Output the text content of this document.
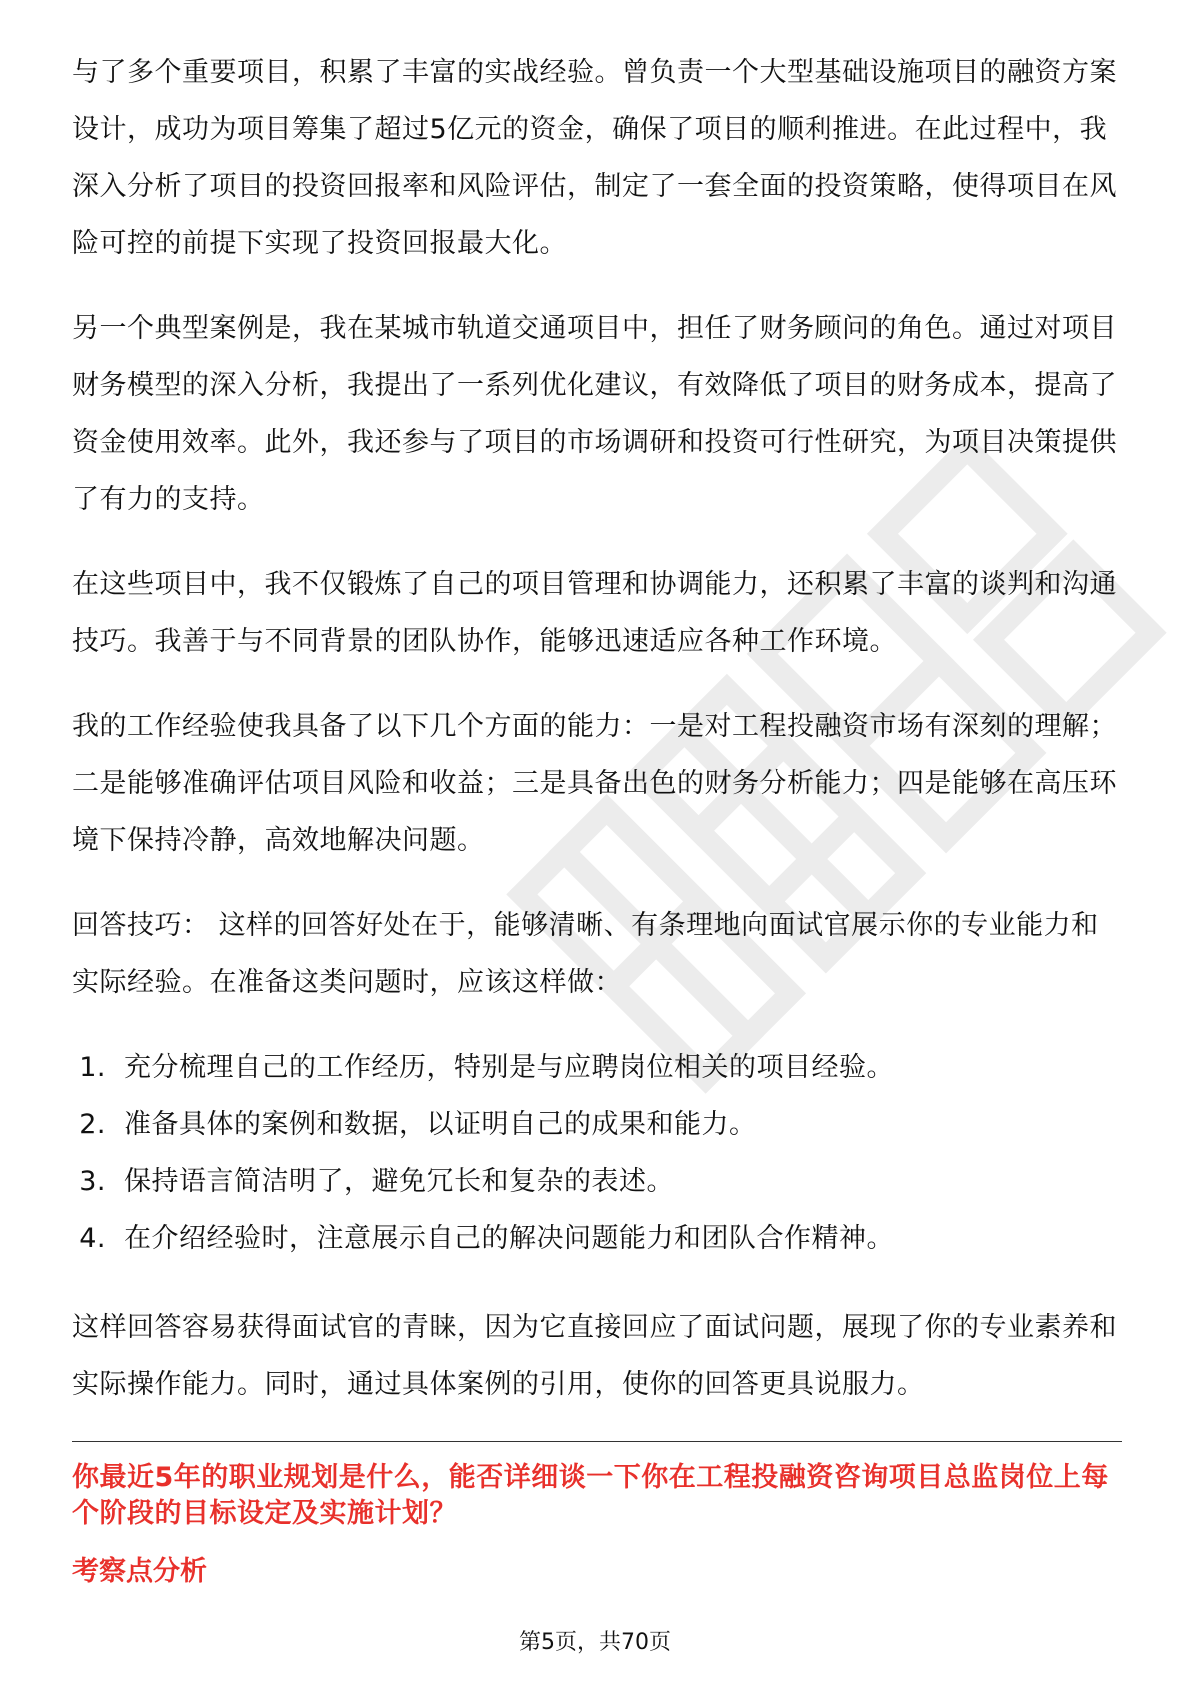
与了多个重要项目，积累了丰富的实战经验。曾负责一个大型基础设施项目的融资方案设计，成功为项目筹集了超过5亿元的资金，确保了项目的顺利推进。在此过程中，我深入分析了项目的投资回报率和风险评估，制定了一套全面的投资策略，使得项目在风险可控的前提下实现了投资回报最大化。

另一个典型案例是，我在某城市轨道交通项目中，担任了财务顾问的角色。通过对项目财务模型的深入分析，我提出了一系列优化建议，有效降低了项目的财务成本，提高了资金使用效率。此外，我还参与了项目的市场调研和投资可行性研究，为项目决策提供了有力的支持。

在这些项目中，我不仅锻炼了自己的项目管理和协调能力，还积累了丰富的谈判和沟通技巧。我善于与不同背景的团队协作，能够迅速适应各种工作环境。

我的工作经验使我具备了以下几个方面的能力：一是对工程投融资市场有深刻的理解；二是能够准确评估项目风险和收益；三是具备出色的财务分析能力；四是能够在高压环境下保持冷静，高效地解决问题。

回答技巧： 这样的回答好处在于，能够清晰、有条理地向面试官展示你的专业能力和实际经验。在准备这类问题时，应该这样做：

1. 充分梳理自己的工作经历，特别是与应聘岗位相关的项目经验。
2. 准备具体的案例和数据，以证明自己的成果和能力。
3. 保持语言简洁明了，避免冗长和复杂的表述。
4. 在介绍经验时，注意展示自己的解决问题能力和团队合作精神。

这样回答容易获得面试官的青睐，因为它直接回应了面试问题，展现了你的专业素养和实际操作能力。同时，通过具体案例的引用，使你的回答更具说服力。

你最近5年的职业规划是什么，能否详细谈一下你在工程投融资咨询项目总监岗位上每个阶段的目标设定及实施计划？

考察点分析

第5页，共70页
